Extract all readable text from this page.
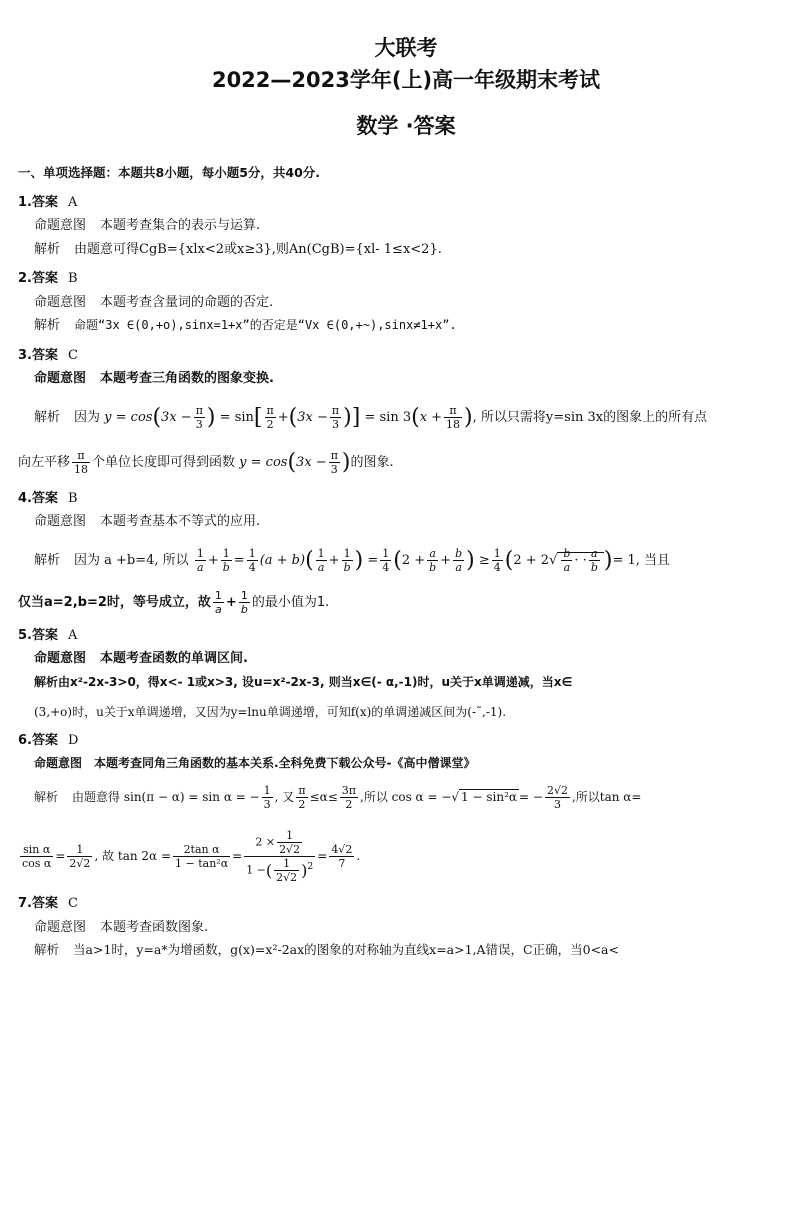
大联考
2022—2023学年(上)高一年级期末考试
数学 ·答案
一、单项选择题：本题共8小题，每小题5分，共40分.
1.答案 A
命题意图 本题考查集合的表示与运算.
解析 由题意可得CgB={xlx<2或x≥3},则An(CgB)={xl- 1≤x<2}.
2.答案 B
命题意图 本题考查含量词的命题的否定.
解析 命题“3x ∈(0,+o),sinx=1+x”的否定是“Vx ∈(0,+~),sinx≠1+x”.
3.答案 C
命题意图 本题考查三角函数的图象变换.
解析 因为 $y = \cos(3x - \frac{\pi}{3}$ ) = $\sin[ \frac{\pi}{2} +(3x - \frac{\pi}{3}$ )] = $\sin 3(x + \frac{\pi}{18}$ ), 所以只需将y=sin 3x的图象上的所有点
向左平移 $\frac{\pi}{18}$ 个单位长度即可得到函数 $y = \cos(3x - \frac{\pi}{3}$ )的图象.
4.答案 B
命题意图 本题考查基本不等式的应用.
解析 因为 a +b=4, 所以 $\frac{1}{a} + \frac{1}{b} = \frac{1}{4} (a + b)( \frac{1}{a} + \frac{1}{b}$ ) = $\frac{1}{4} (2 + \frac{a}{b} + \frac{b}{a}$ ) ≥ $\frac{1}{4} (2 + 2√ \frac{b}{a}$ · · $\frac{a}{b}$ )= 1, 当且
仅当a=2,b=2时，等号成立，故 $\frac{1}{a} + \frac{1}{b}$ 的最小值为1.
5.答案 A
命题意图 本题考查函数的单调区间.
解析由x²-2x-3>0，得x<- 1或x>3, 设u=x²-2x-3, 则当x∈(- α,-1)时，u关于x单调递减，当x∈
(3,+o)时，u关于x单调递增，又因为y=lnu单调递增，可知f(x)的单调递减区间为(-˜,-1).
6.答案 D
命题意图　本题考查同角三角函数的基本关系.全科免费下载公众号-《高中僧课堂》
解析 由题意得 sin(π − α) = sin α = − $\frac{1}{3}$ , 又 $\frac{\pi}{2} \le\alpha\le \frac{3\pi}{2}$ ,所以 cos α = −√ 1 − sin²α = − $\frac{2√2}{3}$ ,所以tan α=
$\frac{\text{sin α}}{\text{cos α}} = \frac{1}{2√2}$ , 故 $\tan 2\alpha = \frac{\text{2tan α}}{\text{1 − tan²α}} = \frac{2 \times \frac{1}{2√2}}{1 -( \frac{1}{2√2} )^2} = \frac{4√2}{7}$ .
7.答案 C
命题意图 本题考查函数图象.
解析 当a>1时，y=a*为增函数，g(x)=x²-2ax的图象的对称轴为直线x=a>1,A错误，C正确，当0<a<
